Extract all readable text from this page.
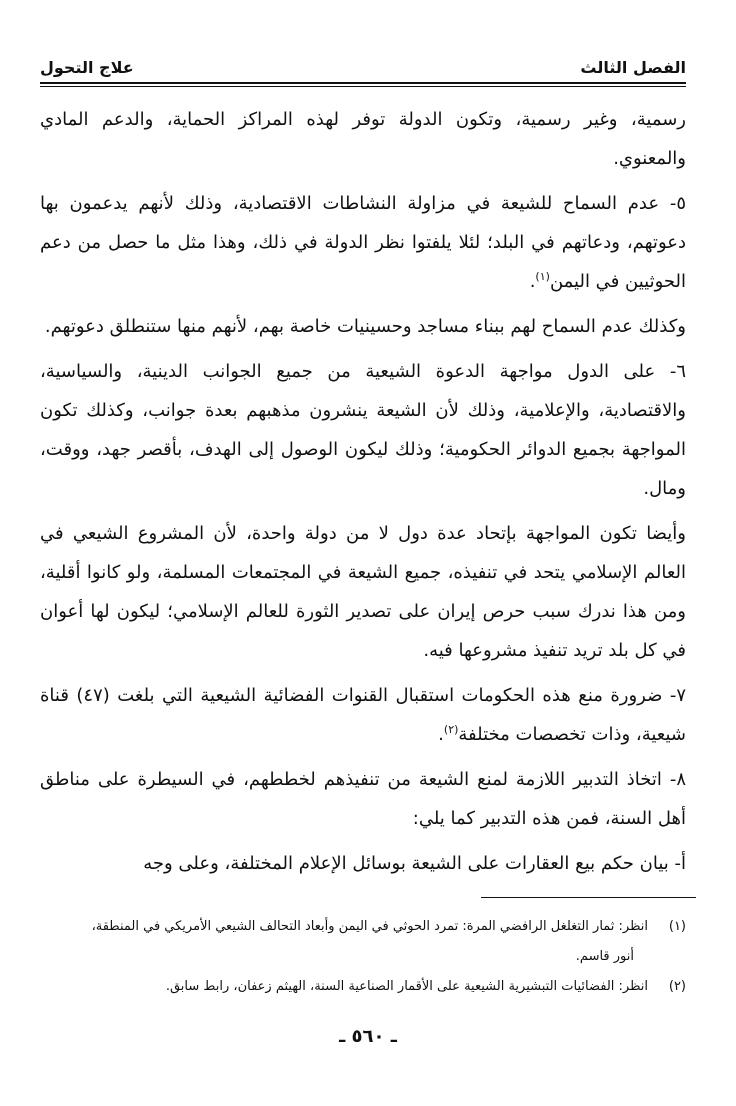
الفصل الثالث
علاج التحول

رسمية، وغير رسمية، وتكون الدولة توفر لهذه المراكز الحماية، والدعم المادي والمعنوي.

٥- عدم السماح للشيعة في مزاولة النشاطات الاقتصادية، وذلك لأنهم يدعمون بها دعوتهم، ودعاتهم في البلد؛ لئلا يلفتوا نظر الدولة في ذلك، وهذا مثل ما حصل من دعم الحوثيين في اليمن$^{(١)}$.

وكذلك عدم السماح لهم ببناء مساجد وحسينيات خاصة بهم، لأنهم منها ستنطلق دعوتهم.

٦- على الدول مواجهة الدعوة الشيعية من جميع الجوانب الدينية، والسياسية، والاقتصادية، والإعلامية، وذلك لأن الشيعة ينشرون مذهبهم بعدة جوانب، وكذلك تكون المواجهة بجميع الدوائر الحكومية؛ وذلك ليكون الوصول إلى الهدف، بأقصر جهد، ووقت، ومال.

وأيضا تكون المواجهة بإتحاد عدة دول لا من دولة واحدة، لأن المشروع الشيعي في العالم الإسلامي يتحد في تنفيذه، جميع الشيعة في المجتمعات المسلمة، ولو كانوا أقلية، ومن هذا ندرك سبب حرص إيران على تصدير الثورة للعالم الإسلامي؛ ليكون لها أعوان في كل بلد تريد تنفيذ مشروعها فيه.

٧- ضرورة منع هذه الحكومات استقبال القنوات الفضائية الشيعية التي بلغت (٤٧) قناة شيعية، وذات تخصصات مختلفة$^{(٢)}$.

٨- اتخاذ التدبير اللازمة لمنع الشيعة من تنفيذهم لخططهم، في السيطرة على مناطق أهل السنة، فمن هذه التدبير كما يلي:

أ- بيان حكم بيع العقارات على الشيعة بوسائل الإعلام المختلفة، وعلى وجه

(١)
انظر: ثمار التغلغل الرافضي المرة: تمرد الحوثي في اليمن وأبعاد التحالف الشيعي الأمريكي في المنطقة،
أنور قاسم.
(٢)
انظر: الفضائيات التبشيرية الشيعية على الأقمار الصناعية السنة، الهيثم زعفان، رابط سابق.
ـ ٥٦٠ ـ
